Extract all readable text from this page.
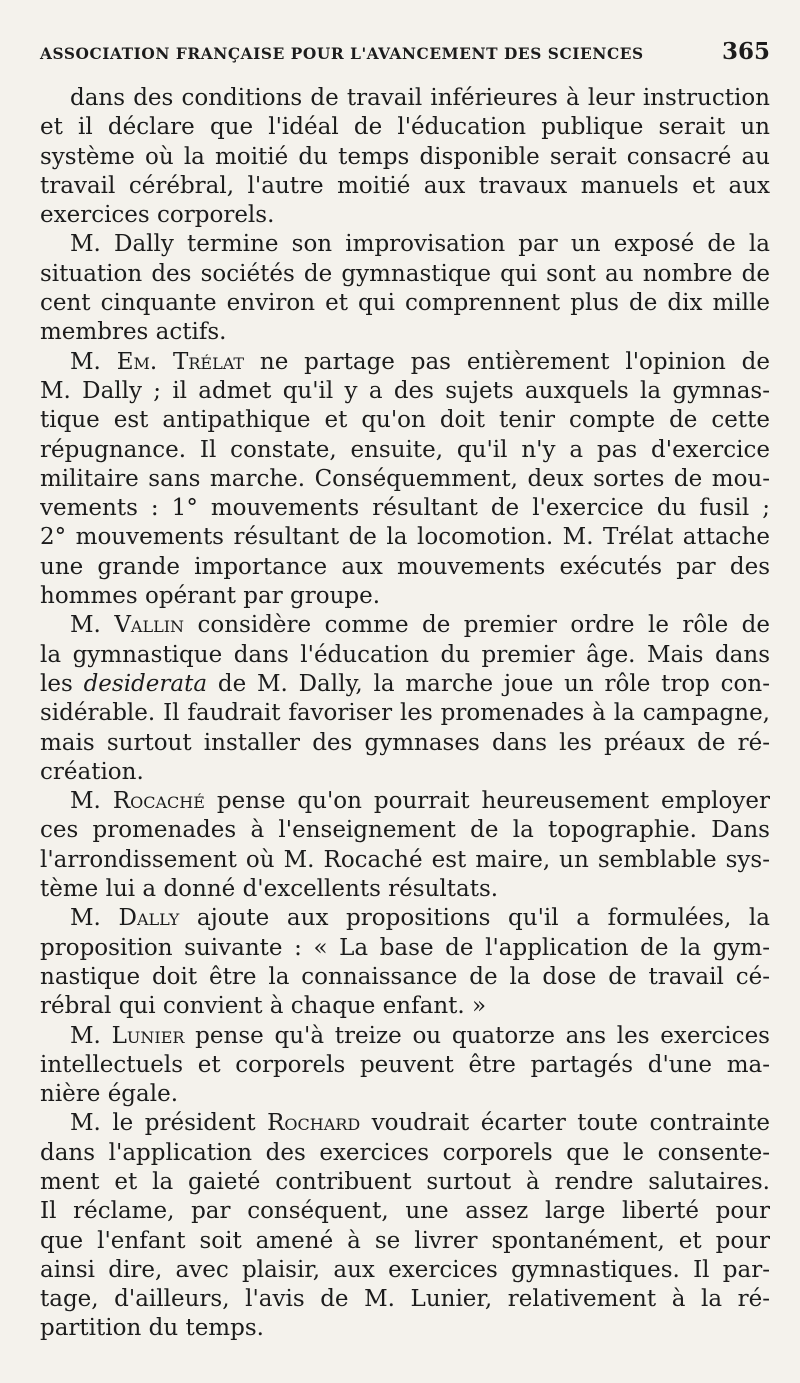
ASSOCIATION FRANÇAISE POUR L'AVANCEMENT DES SCIENCES	365
dans des conditions de travail inférieures à leur instruction
et il déclare que l'idéal de l'éducation publique serait un
système où la moitié du temps disponible serait consacré au
travail cérébral, l'autre moitié aux travaux manuels et aux
exercices corporels.
M. Dally termine son improvisation par un exposé de la
situation des sociétés de gymnastique qui sont au nombre de
cent cinquante environ et qui comprennent plus de dix mille
membres actifs.
M. Em. Trélat ne partage pas entièrement l'opinion de
M. Dally ; il admet qu'il y a des sujets auxquels la gymnas-
tique est antipathique et qu'on doit tenir compte de cette
répugnance. Il constate, ensuite, qu'il n'y a pas d'exercice
militaire sans marche. Conséquemment, deux sortes de mou-
vements : 1° mouvements résultant de l'exercice du fusil ;
2° mouvements résultant de la locomotion. M. Trélat attache
une grande importance aux mouvements exécutés par des
hommes opérant par groupe.
M. Vallin considère comme de premier ordre le rôle de
la gymnastique dans l'éducation du premier âge. Mais dans
les desiderata de M. Dally, la marche joue un rôle trop con-
sidérable. Il faudrait favoriser les promenades à la campagne,
mais surtout installer des gymnases dans les préaux de ré-
création.
M. Rocaché pense qu'on pourrait heureusement employer
ces promenades à l'enseignement de la topographie. Dans
l'arrondissement où M. Rocaché est maire, un semblable sys-
tème lui a donné d'excellents résultats.
M. Dally ajoute aux propositions qu'il a formulées, la
proposition suivante : « La base de l'application de la gym-
nastique doit être la connaissance de la dose de travail cé-
rébral qui convient à chaque enfant. »
M. Lunier pense qu'à treize ou quatorze ans les exercices
intellectuels et corporels peuvent être partagés d'une ma-
nière égale.
M. le président Rochard voudrait écarter toute contrainte
dans l'application des exercices corporels que le consente-
ment et la gaieté contribuent surtout à rendre salutaires.
Il réclame, par conséquent, une assez large liberté pour
que l'enfant soit amené à se livrer spontanément, et pour
ainsi dire, avec plaisir, aux exercices gymnastiques. Il par-
tage, d'ailleurs, l'avis de M. Lunier, relativement à la ré-
partition du temps.
